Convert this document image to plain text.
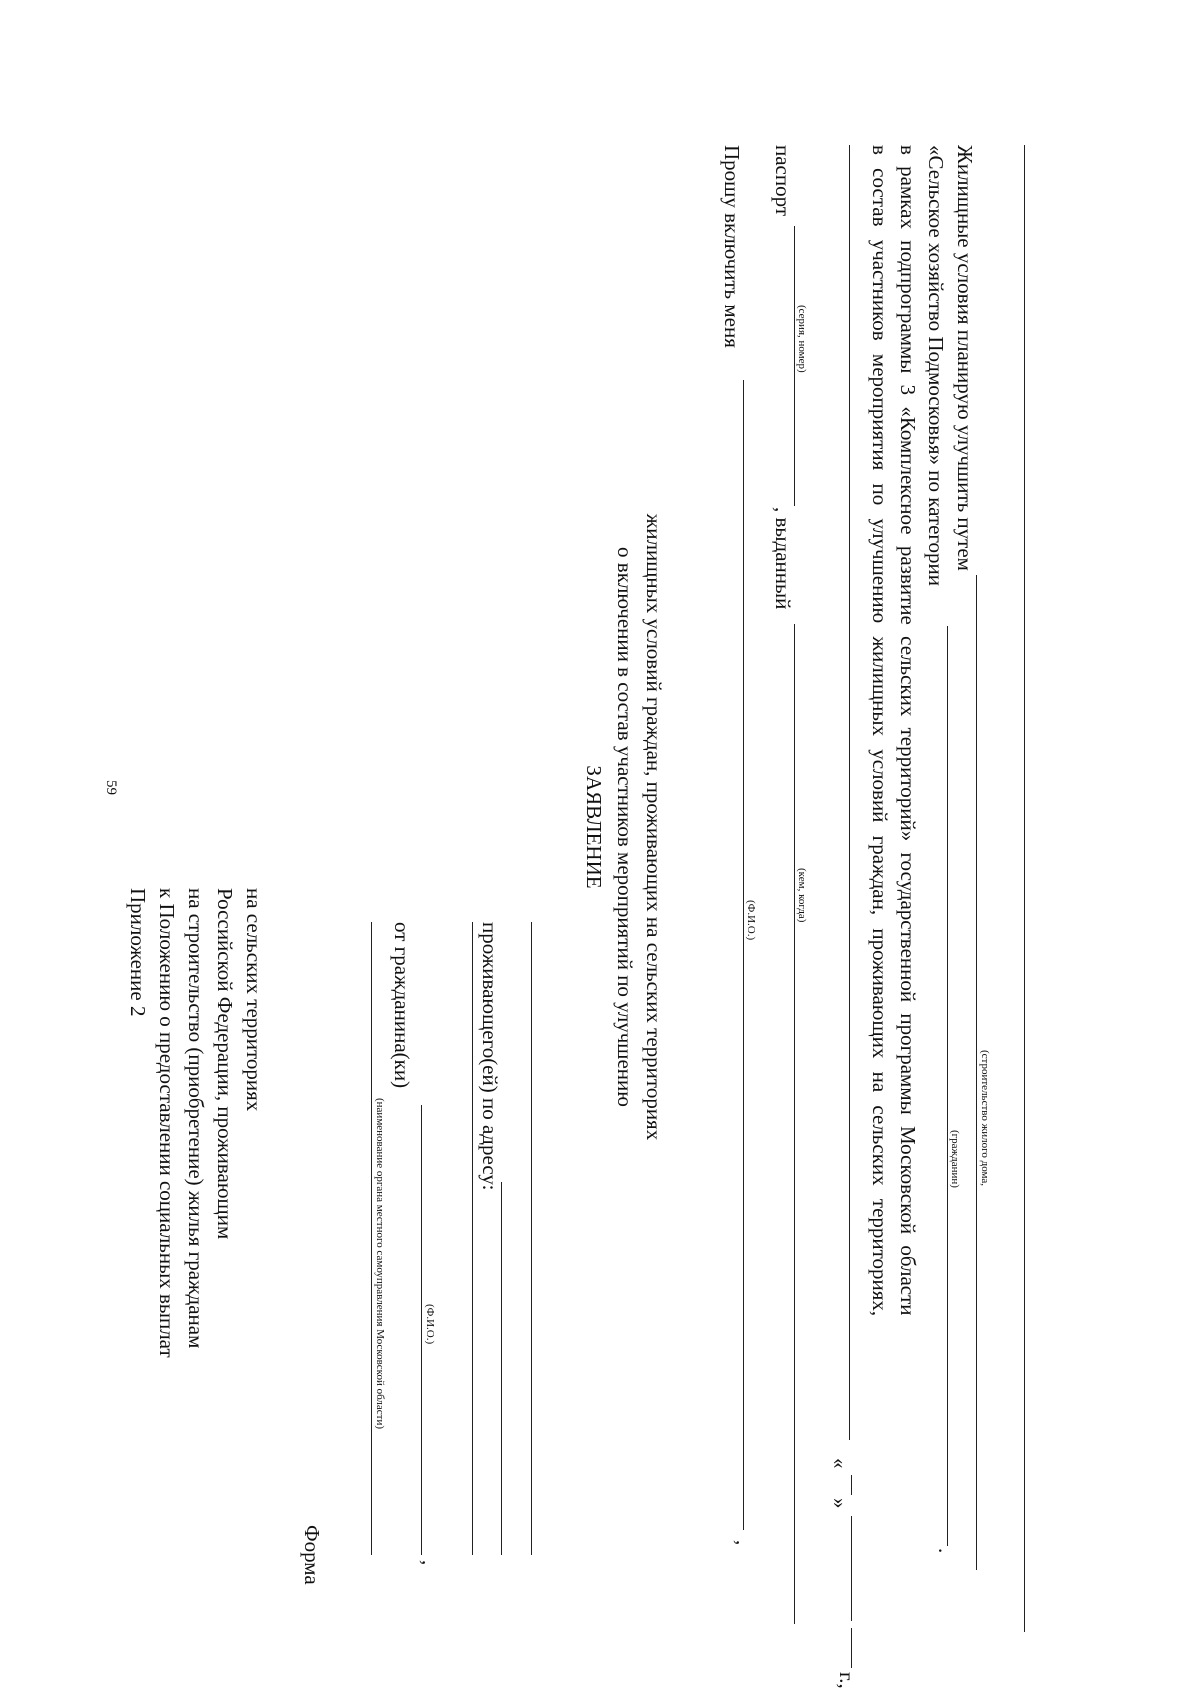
59
Приложение 2 к Положению о предоставлении социальных выплат на строительство (приобретение) жилья гражданам Российской Федерации, проживающим на сельских территориях
Форма
(наименование органа местного самоуправления Московской области)
от гражданина(ки)
(Ф.И.О.)
,
проживающего(ей) по адресу:
ЗАЯВЛЕНИЕ о включении в состав участников мероприятий по улучшению жилищных условий граждан, проживающих на сельских территориях
Прошу включить меня
,
(Ф.И.О.)
паспорт
, выданный
(серия, номер)
(кем, когда)
«
»
г.,
в состав участников мероприятия по улучшению жилищных условий граждан, проживающих на сельских территориях, в рамках подпрограммы 3 «Комплексное развитие сельских территорий» государственной программы Московской области «Сельское хозяйство Подмосковья» по категории
.
(гражданин)
Жилищные условия планирую улучшить путем
(строительство жилого дома,
